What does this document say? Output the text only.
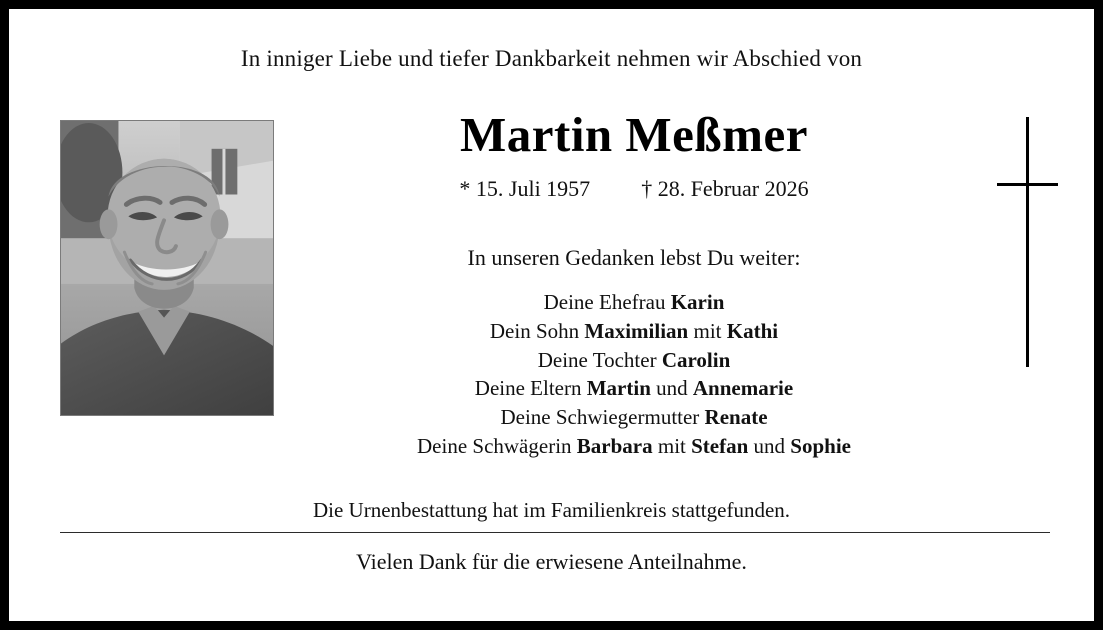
In inniger Liebe und tiefer Dankbarkeit nehmen wir Abschied von
Martin Meßmer
* 15. Juli 1957 † 28. Februar 2026
In unseren Gedanken lebst Du weiter:
Deine Ehefrau Karin
Dein Sohn Maximilian mit Kathi
Deine Tochter Carolin
Deine Eltern Martin und Annemarie
Deine Schwiegermutter Renate
Deine Schwägerin Barbara mit Stefan und Sophie
Die Urnenbestattung hat im Familienkreis stattgefunden.
Vielen Dank für die erwiesene Anteilnahme.
